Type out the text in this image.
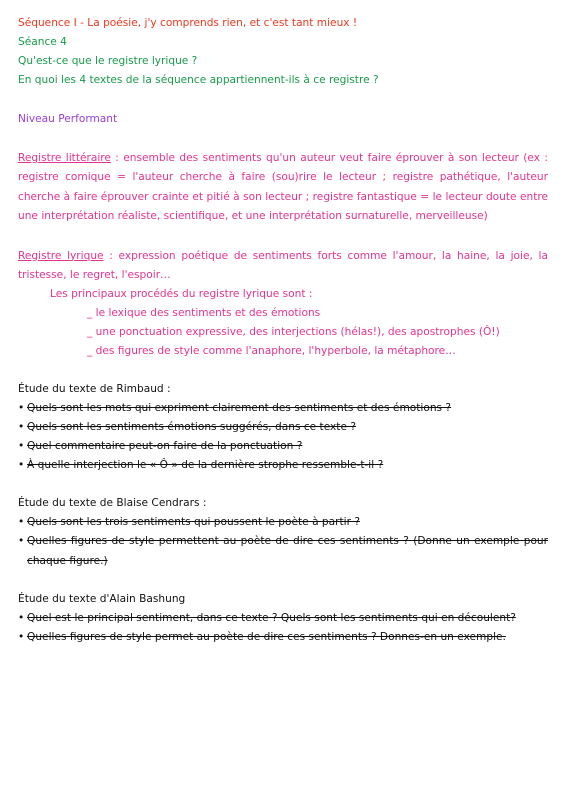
Séquence I - La poésie, j'y comprends rien, et c'est tant mieux !
Séance 4
Qu'est-ce que le registre lyrique ?
En quoi les 4 textes de la séquence appartiennent-ils à ce registre ?
Niveau Performant
Registre littéraire : ensemble des sentiments qu'un auteur veut faire éprouver à son lecteur (ex : registre comique = l'auteur cherche à faire (sou)rire le lecteur ; registre pathétique, l'auteur cherche à faire éprouver crainte et pitié à son lecteur ; registre fantastique = le lecteur doute entre une interprétation réaliste, scientifique, et une interprétation surnaturelle, merveilleuse)
Registre lyrique : expression poétique de sentiments forts comme l'amour, la haine, la joie, la tristesse, le regret, l'espoir…
Les principaux procédés du registre lyrique sont :
_ le lexique des sentiments et des émotions
_ une ponctuation expressive, des interjections (hélas!), des apostrophes (Ô!)
_ des figures de style comme l'anaphore, l'hyperbole, la métaphore…
Étude du texte de Rimbaud :
• Quels sont les mots qui expriment clairement des sentiments et des émotions ?
• Quels sont les sentiments émotions suggérés, dans ce texte ?
• Quel commentaire peut-on faire de la ponctuation ?
• À quelle interjection le « Ô » de la dernière strophe ressemble-t-il ?
Étude du texte de Blaise Cendrars :
• Quels sont les trois sentiments qui poussent le poète à partir ?
• Quelles figures de style permettent au poète de dire ces sentiments ? (Donne un exemple pour chaque figure.)
Étude du texte d'Alain Bashung
• Quel est le principal sentiment, dans ce texte ? Quels sont les sentiments qui en découlent?
• Quelles figures de style permet au poète de dire ces sentiments ? Donnes-en un exemple.
